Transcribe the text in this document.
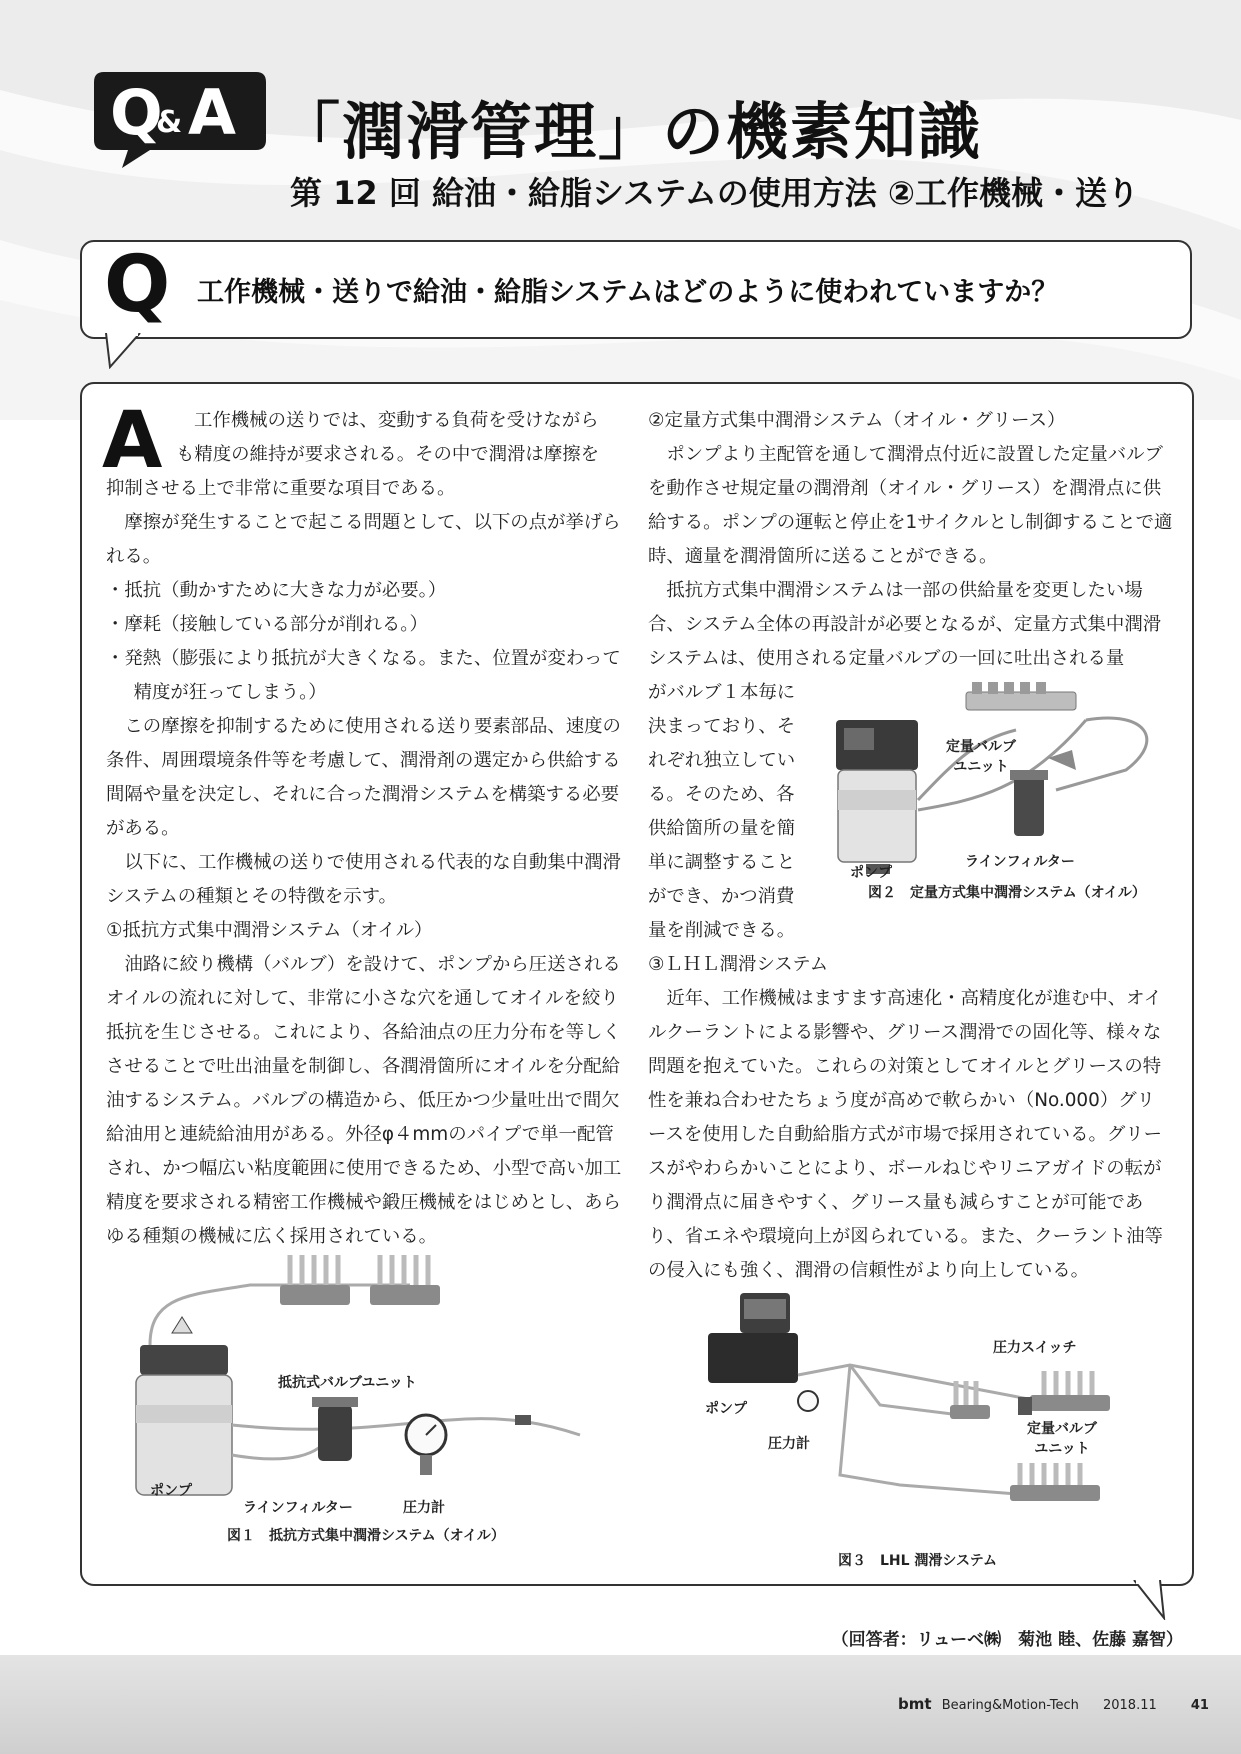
Q
& A 「潤滑管理」の機素知識
第 12 回 給油・給脂システムの使用方法 ②工作機械・送り
Q 工作機械・送りで給油・給脂システムはどのように使われていますか？
A	工作機械の送りでは、変動する負荷を受けながら

も精度の維持が要求される。その中で潤滑は摩擦を

抑制させる上で非常に重要な項目である。

摩擦が発生することで起こる問題として、以下の点が挙げられる。

・抵抗（動かすために大きな力が必要。）

・摩耗（接触している部分が削れる。）

・発熱（膨張により抵抗が大きくなる。また、位置が変わって精度が狂ってしまう。）

この摩擦を抑制するために使用される送り要素部品、速度の条件、周囲環境条件等を考慮して、潤滑剤の選定から供給する間隔や量を決定し、それに合った潤滑システムを構築する必要がある。

以下に、工作機械の送りで使用される代表的な自動集中潤滑システムの種類とその特徴を示す。

①抵抗方式集中潤滑システム（オイル）

油路に絞り機構（バルブ）を設けて、ポンプから圧送されるオイルの流れに対して、非常に小さな穴を通してオイルを絞り抵抗を生じさせる。これにより、各給油点の圧力分布を等しくさせることで吐出油量を制御し、各潤滑箇所にオイルを分配給油するシステム。バルブの構造から、低圧かつ少量吐出で間欠給油用と連続給油用がある。外径φ４mmのパイプで単一配管され、かつ幅広い粘度範囲に使用できるため、小型で高い加工精度を要求される精密工作機械や鍛圧機械をはじめとし、あらゆる種類の機械に広く採用されている。

②定量方式集中潤滑システム（オイル・グリース）

ポンプより主配管を通して潤滑点付近に設置した定量バルブを動作させ規定量の潤滑剤（オイル・グリース）を潤滑点に供給する。ポンプの運転と停止を1サイクルとし制御することで適時、適量を潤滑箇所に送ることができる。

抵抗方式集中潤滑システムは一部の供給量を変更したい場合、システム全体の再設計が必要となるが、定量方式集中潤滑システムは、使用される定量バルブの一回に吐出される量

がバルブ１本毎に

決まっており、そ

れぞれ独立してい

る。そのため、各

供給箇所の量を簡

単に調整すること

ができ、かつ消費

量を削減できる。

③ＬＨＬ潤滑システム

近年、工作機械はますます高速化・高精度化が進む中、オイルクーラントによる影響や、グリース潤滑での固化等、様々な問題を抱えていた。これらの対策としてオイルとグリースの特性を兼ね合わせたちょう度が高めで軟らかい（No.000）グリースを使用した自動給脂方式が市場で採用されている。グリースがやわらかいことにより、ボールねじやリニアガイドの転がり潤滑点に届きやすく、グリース量も減らすことが可能であり、省エネや環境向上が図られている。また、クーラント油等の侵入にも強く、潤滑の信頼性がより向上している。

定量バルブ ユニット
ラインフィルター
ポンプ
図２　定量方式集中潤滑システム（オイル）
抵抗式バルブユニット
ポンプ
ラインフィルター	圧力計
図１　抵抗方式集中潤滑システム（オイル）
圧力スイッチ
ポンプ
圧力計
定量バルブ ユニット
図３　LHL 潤滑システム
（回答者：リューベ㈱　菊池 睦、佐藤 嘉智）
bmt Bearing&Motion-Tech 2018.11	41
